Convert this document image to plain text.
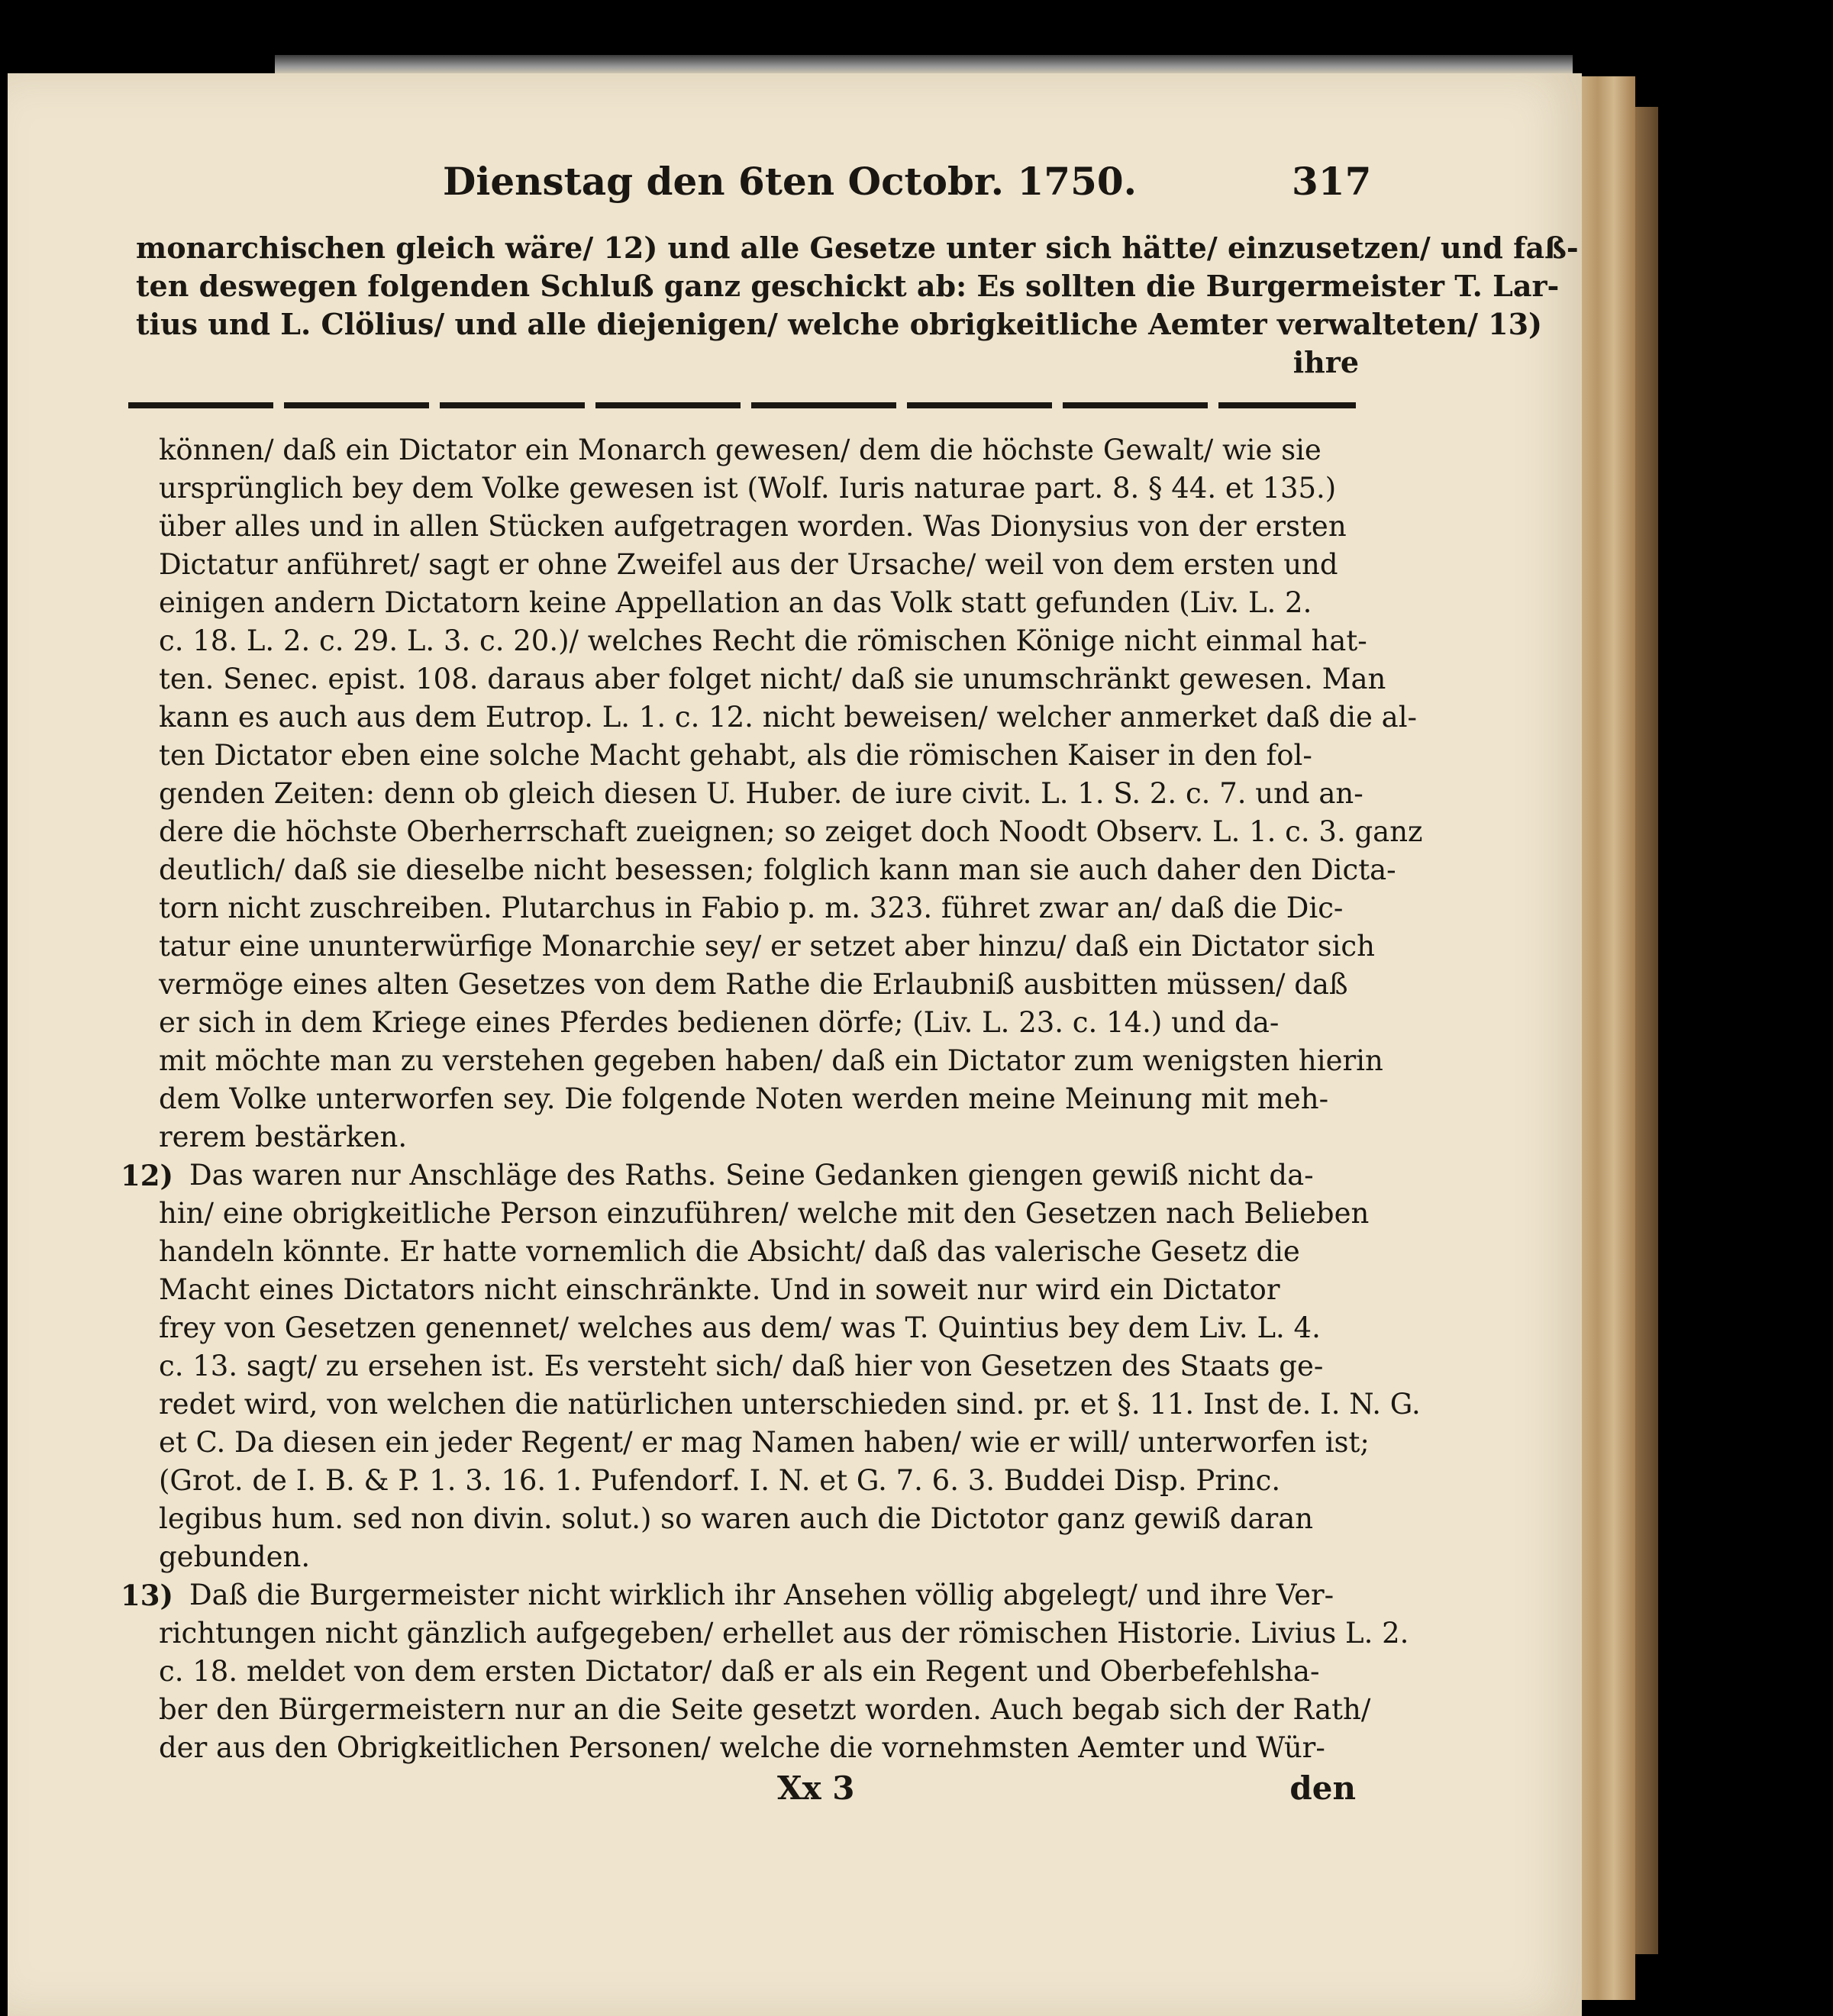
Dienstag den 6ten Octobr. 1750.	317
monarchischen gleich wäre/ 12) und alle Gesetze unter sich hätte/ einzusetzen/ und faß-
ten deswegen folgenden Schluß ganz geschickt ab: Es sollten die Burgermeister T. Lar-
tius und L. Clölius/ und alle diejenigen/ welche obrigkeitliche Aemter verwalteten/ 13)
ihre
können/ daß ein Dictator ein Monarch gewesen/ dem die höchste Gewalt/ wie sie
ursprünglich bey dem Volke gewesen ist (Wolf. Iuris naturae part. 8. § 44. et 135.)
über alles und in allen Stücken aufgetragen worden. Was Dionysius von der ersten
Dictatur anführet/ sagt er ohne Zweifel aus der Ursache/ weil von dem ersten und
einigen andern Dictatorn keine Appellation an das Volk statt gefunden (Liv. L. 2.
c. 18. L. 2. c. 29. L. 3. c. 20.)/ welches Recht die römischen Könige nicht einmal hat-
ten. Senec. epist. 108. daraus aber folget nicht/ daß sie unumschränkt gewesen. Man
kann es auch aus dem Eutrop. L. 1. c. 12. nicht beweisen/ welcher anmerket daß die al-
ten Dictator eben eine solche Macht gehabt, als die römischen Kaiser in den fol-
genden Zeiten: denn ob gleich diesen U. Huber. de iure civit. L. 1. S. 2. c. 7. und an-
dere die höchste Oberherrschaft zueignen; so zeiget doch Noodt Observ. L. 1. c. 3. ganz
deutlich/ daß sie dieselbe nicht besessen; folglich kann man sie auch daher den Dicta-
torn nicht zuschreiben. Plutarchus in Fabio p. m. 323. führet zwar an/ daß die Dic-
tatur eine ununterwürfige Monarchie sey/ er setzet aber hinzu/ daß ein Dictator sich
vermöge eines alten Gesetzes von dem Rathe die Erlaubniß ausbitten müssen/ daß
er sich in dem Kriege eines Pferdes bedienen dörfe; (Liv. L. 23. c. 14.) und da-
mit möchte man zu verstehen gegeben haben/ daß ein Dictator zum wenigsten hierin
dem Volke unterworfen sey. Die folgende Noten werden meine Meinung mit meh-
rerem bestärken.
12) Das waren nur Anschläge des Raths. Seine Gedanken giengen gewiß nicht da-
hin/ eine obrigkeitliche Person einzuführen/ welche mit den Gesetzen nach Belieben
handeln könnte. Er hatte vornemlich die Absicht/ daß das valerische Gesetz die
Macht eines Dictators nicht einschränkte. Und in soweit nur wird ein Dictator
frey von Gesetzen genennet/ welches aus dem/ was T. Quintius bey dem Liv. L. 4.
c. 13. sagt/ zu ersehen ist. Es versteht sich/ daß hier von Gesetzen des Staats ge-
redet wird, von welchen die natürlichen unterschieden sind. pr. et §. 11. Inst de. I. N. G.
et C. Da diesen ein jeder Regent/ er mag Namen haben/ wie er will/ unterworfen ist;
(Grot. de I. B. & P. 1. 3. 16. 1. Pufendorf. I. N. et G. 7. 6. 3. Buddei Disp. Princ.
legibus hum. sed non divin. solut.) so waren auch die Dictotor ganz gewiß daran
gebunden.
13) Daß die Burgermeister nicht wirklich ihr Ansehen völlig abgelegt/ und ihre Ver-
richtungen nicht gänzlich aufgegeben/ erhellet aus der römischen Historie. Livius L. 2.
c. 18. meldet von dem ersten Dictator/ daß er als ein Regent und Oberbefehlsha-
ber den Bürgermeistern nur an die Seite gesetzt worden. Auch begab sich der Rath/
der aus den Obrigkeitlichen Personen/ welche die vornehmsten Aemter und Wür-
Xx 3	den
